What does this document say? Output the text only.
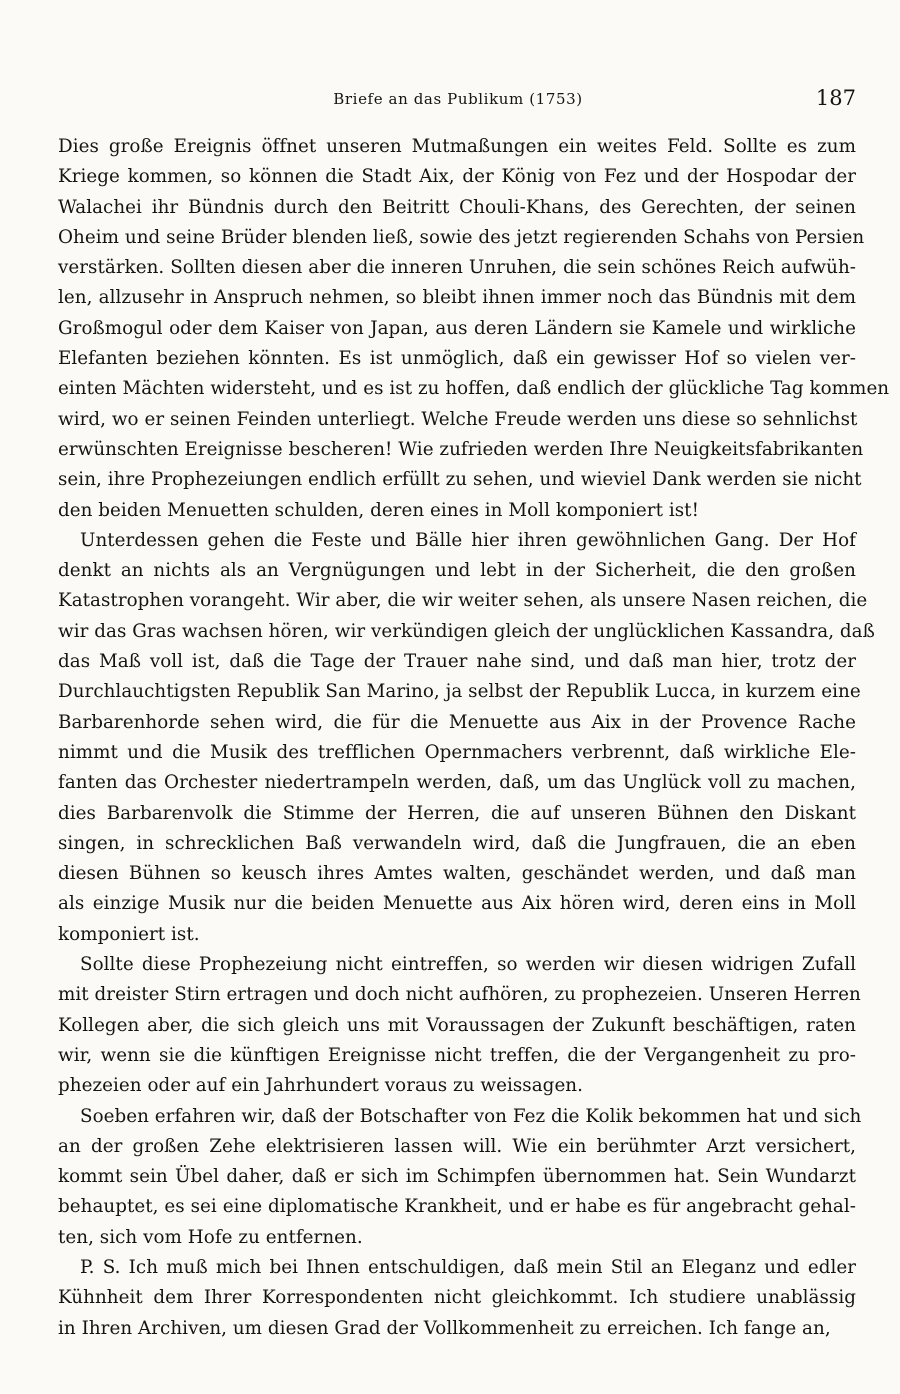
Briefe an das Publikum (1753)	187
Dies große Ereignis öffnet unseren Mutmaßungen ein weites Feld. Sollte es zum
Kriege kommen, so können die Stadt Aix, der König von Fez und der Hospodar der
Walachei ihr Bündnis durch den Beitritt Chouli-Khans, des Gerechten, der seinen
Oheim und seine Brüder blenden ließ, sowie des jetzt regierenden Schahs von Persien
verstärken. Sollten diesen aber die inneren Unruhen, die sein schönes Reich aufwüh-
len, allzusehr in Anspruch nehmen, so bleibt ihnen immer noch das Bündnis mit dem
Großmogul oder dem Kaiser von Japan, aus deren Ländern sie Kamele und wirkliche
Elefanten beziehen könnten. Es ist unmöglich, daß ein gewisser Hof so vielen ver-
einten Mächten widersteht, und es ist zu hoffen, daß endlich der glückliche Tag kommen
wird, wo er seinen Feinden unterliegt. Welche Freude werden uns diese so sehnlichst
erwünschten Ereignisse bescheren! Wie zufrieden werden Ihre Neuigkeitsfabrikanten
sein, ihre Prophezeiungen endlich erfüllt zu sehen, und wieviel Dank werden sie nicht
den beiden Menuetten schulden, deren eines in Moll komponiert ist!
Unterdessen gehen die Feste und Bälle hier ihren gewöhnlichen Gang. Der Hof
denkt an nichts als an Vergnügungen und lebt in der Sicherheit, die den großen
Katastrophen vorangeht. Wir aber, die wir weiter sehen, als unsere Nasen reichen, die
wir das Gras wachsen hören, wir verkündigen gleich der unglücklichen Kassandra, daß
das Maß voll ist, daß die Tage der Trauer nahe sind, und daß man hier, trotz der
Durchlauchtigsten Republik San Marino, ja selbst der Republik Lucca, in kurzem eine
Barbarenhorde sehen wird, die für die Menuette aus Aix in der Provence Rache
nimmt und die Musik des trefflichen Opernmachers verbrennt, daß wirkliche Ele-
fanten das Orchester niedertrampeln werden, daß, um das Unglück voll zu machen,
dies Barbarenvolk die Stimme der Herren, die auf unseren Bühnen den Diskant
singen, in schrecklichen Baß verwandeln wird, daß die Jungfrauen, die an eben
diesen Bühnen so keusch ihres Amtes walten, geschändet werden, und daß man
als einzige Musik nur die beiden Menuette aus Aix hören wird, deren eins in Moll
komponiert ist.
Sollte diese Prophezeiung nicht eintreffen, so werden wir diesen widrigen Zufall
mit dreister Stirn ertragen und doch nicht aufhören, zu prophezeien. Unseren Herren
Kollegen aber, die sich gleich uns mit Voraussagen der Zukunft beschäftigen, raten
wir, wenn sie die künftigen Ereignisse nicht treffen, die der Vergangenheit zu pro-
phezeien oder auf ein Jahrhundert voraus zu weissagen.
Soeben erfahren wir, daß der Botschafter von Fez die Kolik bekommen hat und sich
an der großen Zehe elektrisieren lassen will. Wie ein berühmter Arzt versichert,
kommt sein Übel daher, daß er sich im Schimpfen übernommen hat. Sein Wundarzt
behauptet, es sei eine diplomatische Krankheit, und er habe es für angebracht gehal-
ten, sich vom Hofe zu entfernen.
P. S. Ich muß mich bei Ihnen entschuldigen, daß mein Stil an Eleganz und edler
Kühnheit dem Ihrer Korrespondenten nicht gleichkommt. Ich studiere unablässig
in Ihren Archiven, um diesen Grad der Vollkommenheit zu erreichen. Ich fange an,
